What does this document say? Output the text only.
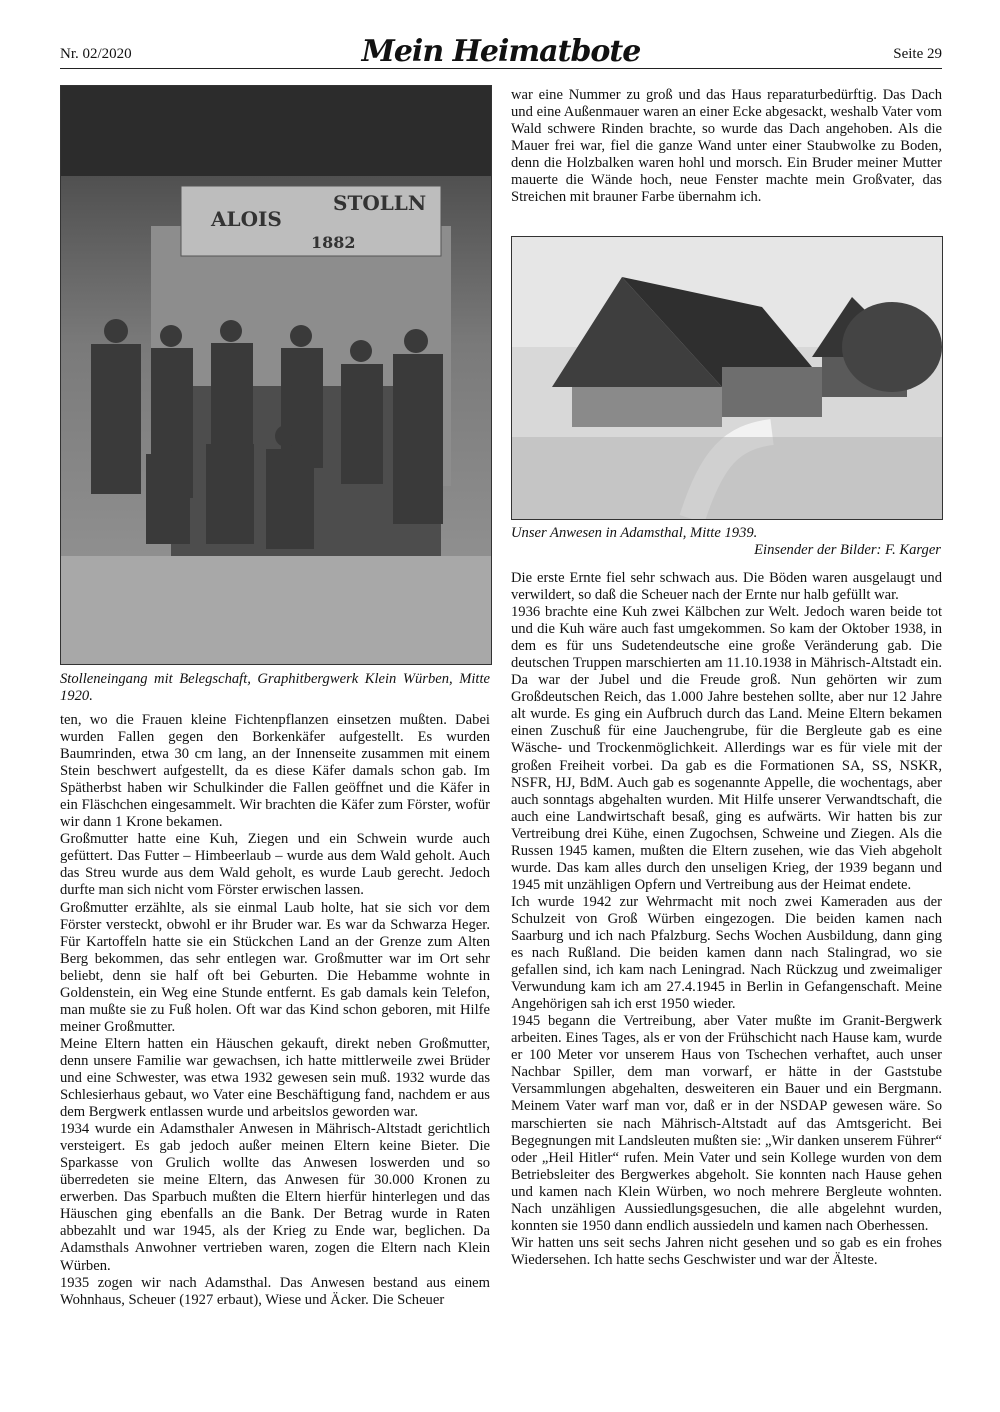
Nr. 02/2020	Mein Heimatbote	Seite 29
ALOIS
STOLLN
1882
Stolleneingang mit Belegschaft, Graphitbergwerk Klein Würben, Mitte 1920.

ten, wo die Frauen kleine Fichtenpflanzen einsetzen mußten. Dabei wurden Fallen gegen den Borkenkäfer aufgestellt. Es wurden Baumrinden, etwa 30 cm lang, an der Innenseite zusammen mit einem Stein beschwert aufgestellt, da es diese Käfer damals schon gab. Im Spätherbst haben wir Schulkinder die Fallen geöffnet und die Käfer in ein Fläschchen eingesammelt. Wir brachten die Käfer zum Förster, wofür wir dann 1 Krone bekamen.

Großmutter hatte eine Kuh, Ziegen und ein Schwein wurde auch gefüttert. Das Futter – Himbeerlaub – wurde aus dem Wald geholt. Auch das Streu wurde aus dem Wald geholt, es wurde Laub gerecht. Jedoch durfte man sich nicht vom Förster erwischen lassen.

Großmutter erzählte, als sie einmal Laub holte, hat sie sich vor dem Förster versteckt, obwohl er ihr Bruder war. Es war da Schwarza Heger. Für Kartoffeln hatte sie ein Stückchen Land an der Grenze zum Alten Berg bekommen, das sehr entlegen war. Großmutter war im Ort sehr beliebt, denn sie half oft bei Geburten. Die Hebamme wohnte in Goldenstein, ein Weg eine Stunde entfernt. Es gab damals kein Telefon, man mußte sie zu Fuß holen. Oft war das Kind schon geboren, mit Hilfe meiner Großmutter.

Meine Eltern hatten ein Häuschen gekauft, direkt neben Großmutter, denn unsere Familie war gewachsen, ich hatte mittlerweile zwei Brüder und eine Schwester, was etwa 1932 gewesen sein muß. 1932 wurde das Schlesierhaus gebaut, wo Vater eine Beschäftigung fand, nachdem er aus dem Bergwerk entlassen wurde und arbeitslos geworden war.

1934 wurde ein Adamsthaler Anwesen in Mährisch-Altstadt gerichtlich versteigert. Es gab jedoch außer meinen Eltern keine Bieter. Die Sparkasse von Grulich wollte das Anwesen loswerden und so überredeten sie meine Eltern, das Anwesen für 30.000 Kronen zu erwerben. Das Sparbuch mußten die Eltern hierfür hinterlegen und das Häuschen ging ebenfalls an die Bank. Der Betrag wurde in Raten abbezahlt und war 1945, als der Krieg zu Ende war, beglichen. Da Adamsthals Anwohner vertrieben waren, zogen die Eltern nach Klein Würben.

1935 zogen wir nach Adamsthal. Das Anwesen bestand aus einem Wohnhaus, Scheuer (1927 erbaut), Wiese und Äcker. Die Scheuer

war eine Nummer zu groß und das Haus reparaturbedürftig. Das Dach und eine Außenmauer waren an einer Ecke abgesackt, weshalb Vater vom Wald schwere Rinden brachte, so wurde das Dach angehoben. Als die Mauer frei war, fiel die ganze Wand unter einer Staubwolke zu Boden, denn die Holzbalken waren hohl und morsch. Ein Bruder meiner Mutter mauerte die Wände hoch, neue Fenster machte mein Großvater, das Streichen mit brauner Farbe übernahm ich.

Unser Anwesen in Adamsthal, Mitte 1939.
Einsender der Bilder: F. Karger

Die erste Ernte fiel sehr schwach aus. Die Böden waren ausgelaugt und verwildert, so daß die Scheuer nach der Ernte nur halb gefüllt war.

1936 brachte eine Kuh zwei Kälbchen zur Welt. Jedoch waren beide tot und die Kuh wäre auch fast umgekommen. So kam der Oktober 1938, in dem es für uns Sudetendeutsche eine große Veränderung gab. Die deutschen Truppen marschierten am 11.10.1938 in Mährisch-Altstadt ein. Da war der Jubel und die Freude groß. Nun gehörten wir zum Großdeutschen Reich, das 1.000 Jahre bestehen sollte, aber nur 12 Jahre alt wurde. Es ging ein Aufbruch durch das Land. Meine Eltern bekamen einen Zuschuß für eine Jauchengrube, für die Bergleute gab es eine Wäsche- und Trockenmöglichkeit. Allerdings war es für viele mit der großen Freiheit vorbei. Da gab es die Formationen SA, SS, NSKR, NSFR, HJ, BdM. Auch gab es sogenannte Appelle, die wochentags, aber auch sonntags abgehalten wurden. Mit Hilfe unserer Verwandtschaft, die auch eine Landwirtschaft besaß, ging es aufwärts. Wir hatten bis zur Vertreibung drei Kühe, einen Zugochsen, Schweine und Ziegen. Als die Russen 1945 kamen, mußten die Eltern zusehen, wie das Vieh abgeholt wurde. Das kam alles durch den unseligen Krieg, der 1939 begann und 1945 mit unzähligen Opfern und Vertreibung aus der Heimat endete.

Ich wurde 1942 zur Wehrmacht mit noch zwei Kameraden aus der Schulzeit von Groß Würben eingezogen. Die beiden kamen nach Saarburg und ich nach Pfalzburg. Sechs Wochen Ausbildung, dann ging es nach Rußland. Die beiden kamen dann nach Stalingrad, wo sie gefallen sind, ich kam nach Leningrad. Nach Rückzug und zweimaliger Verwundung kam ich am 27.4.1945 in Berlin in Gefangenschaft. Meine Angehörigen sah ich erst 1950 wieder.

1945 begann die Vertreibung, aber Vater mußte im Granit-Bergwerk arbeiten. Eines Tages, als er von der Frühschicht nach Hause kam, wurde er 100 Meter vor unserem Haus von Tschechen verhaftet, auch unser Nachbar Spiller, dem man vorwarf, er hätte in der Gaststube Versammlungen abgehalten, desweiteren ein Bauer und ein Bergmann. Meinem Vater warf man vor, daß er in der NSDAP gewesen wäre. So marschierten sie nach Mährisch-Altstadt auf das Amtsgericht. Bei Begegnungen mit Landsleuten mußten sie: „Wir danken unserem Führer“ oder „Heil Hitler“ rufen. Mein Vater und sein Kollege wurden von dem Betriebsleiter des Bergwerkes abgeholt. Sie konnten nach Hause gehen und kamen nach Klein Würben, wo noch mehrere Bergleute wohnten. Nach unzähligen Aussiedlungsgesuchen, die alle abgelehnt wurden, konnten sie 1950 dann endlich aussiedeln und kamen nach Oberhessen.

Wir hatten uns seit sechs Jahren nicht gesehen und so gab es ein frohes Wiedersehen. Ich hatte sechs Geschwister und war der Älteste.
